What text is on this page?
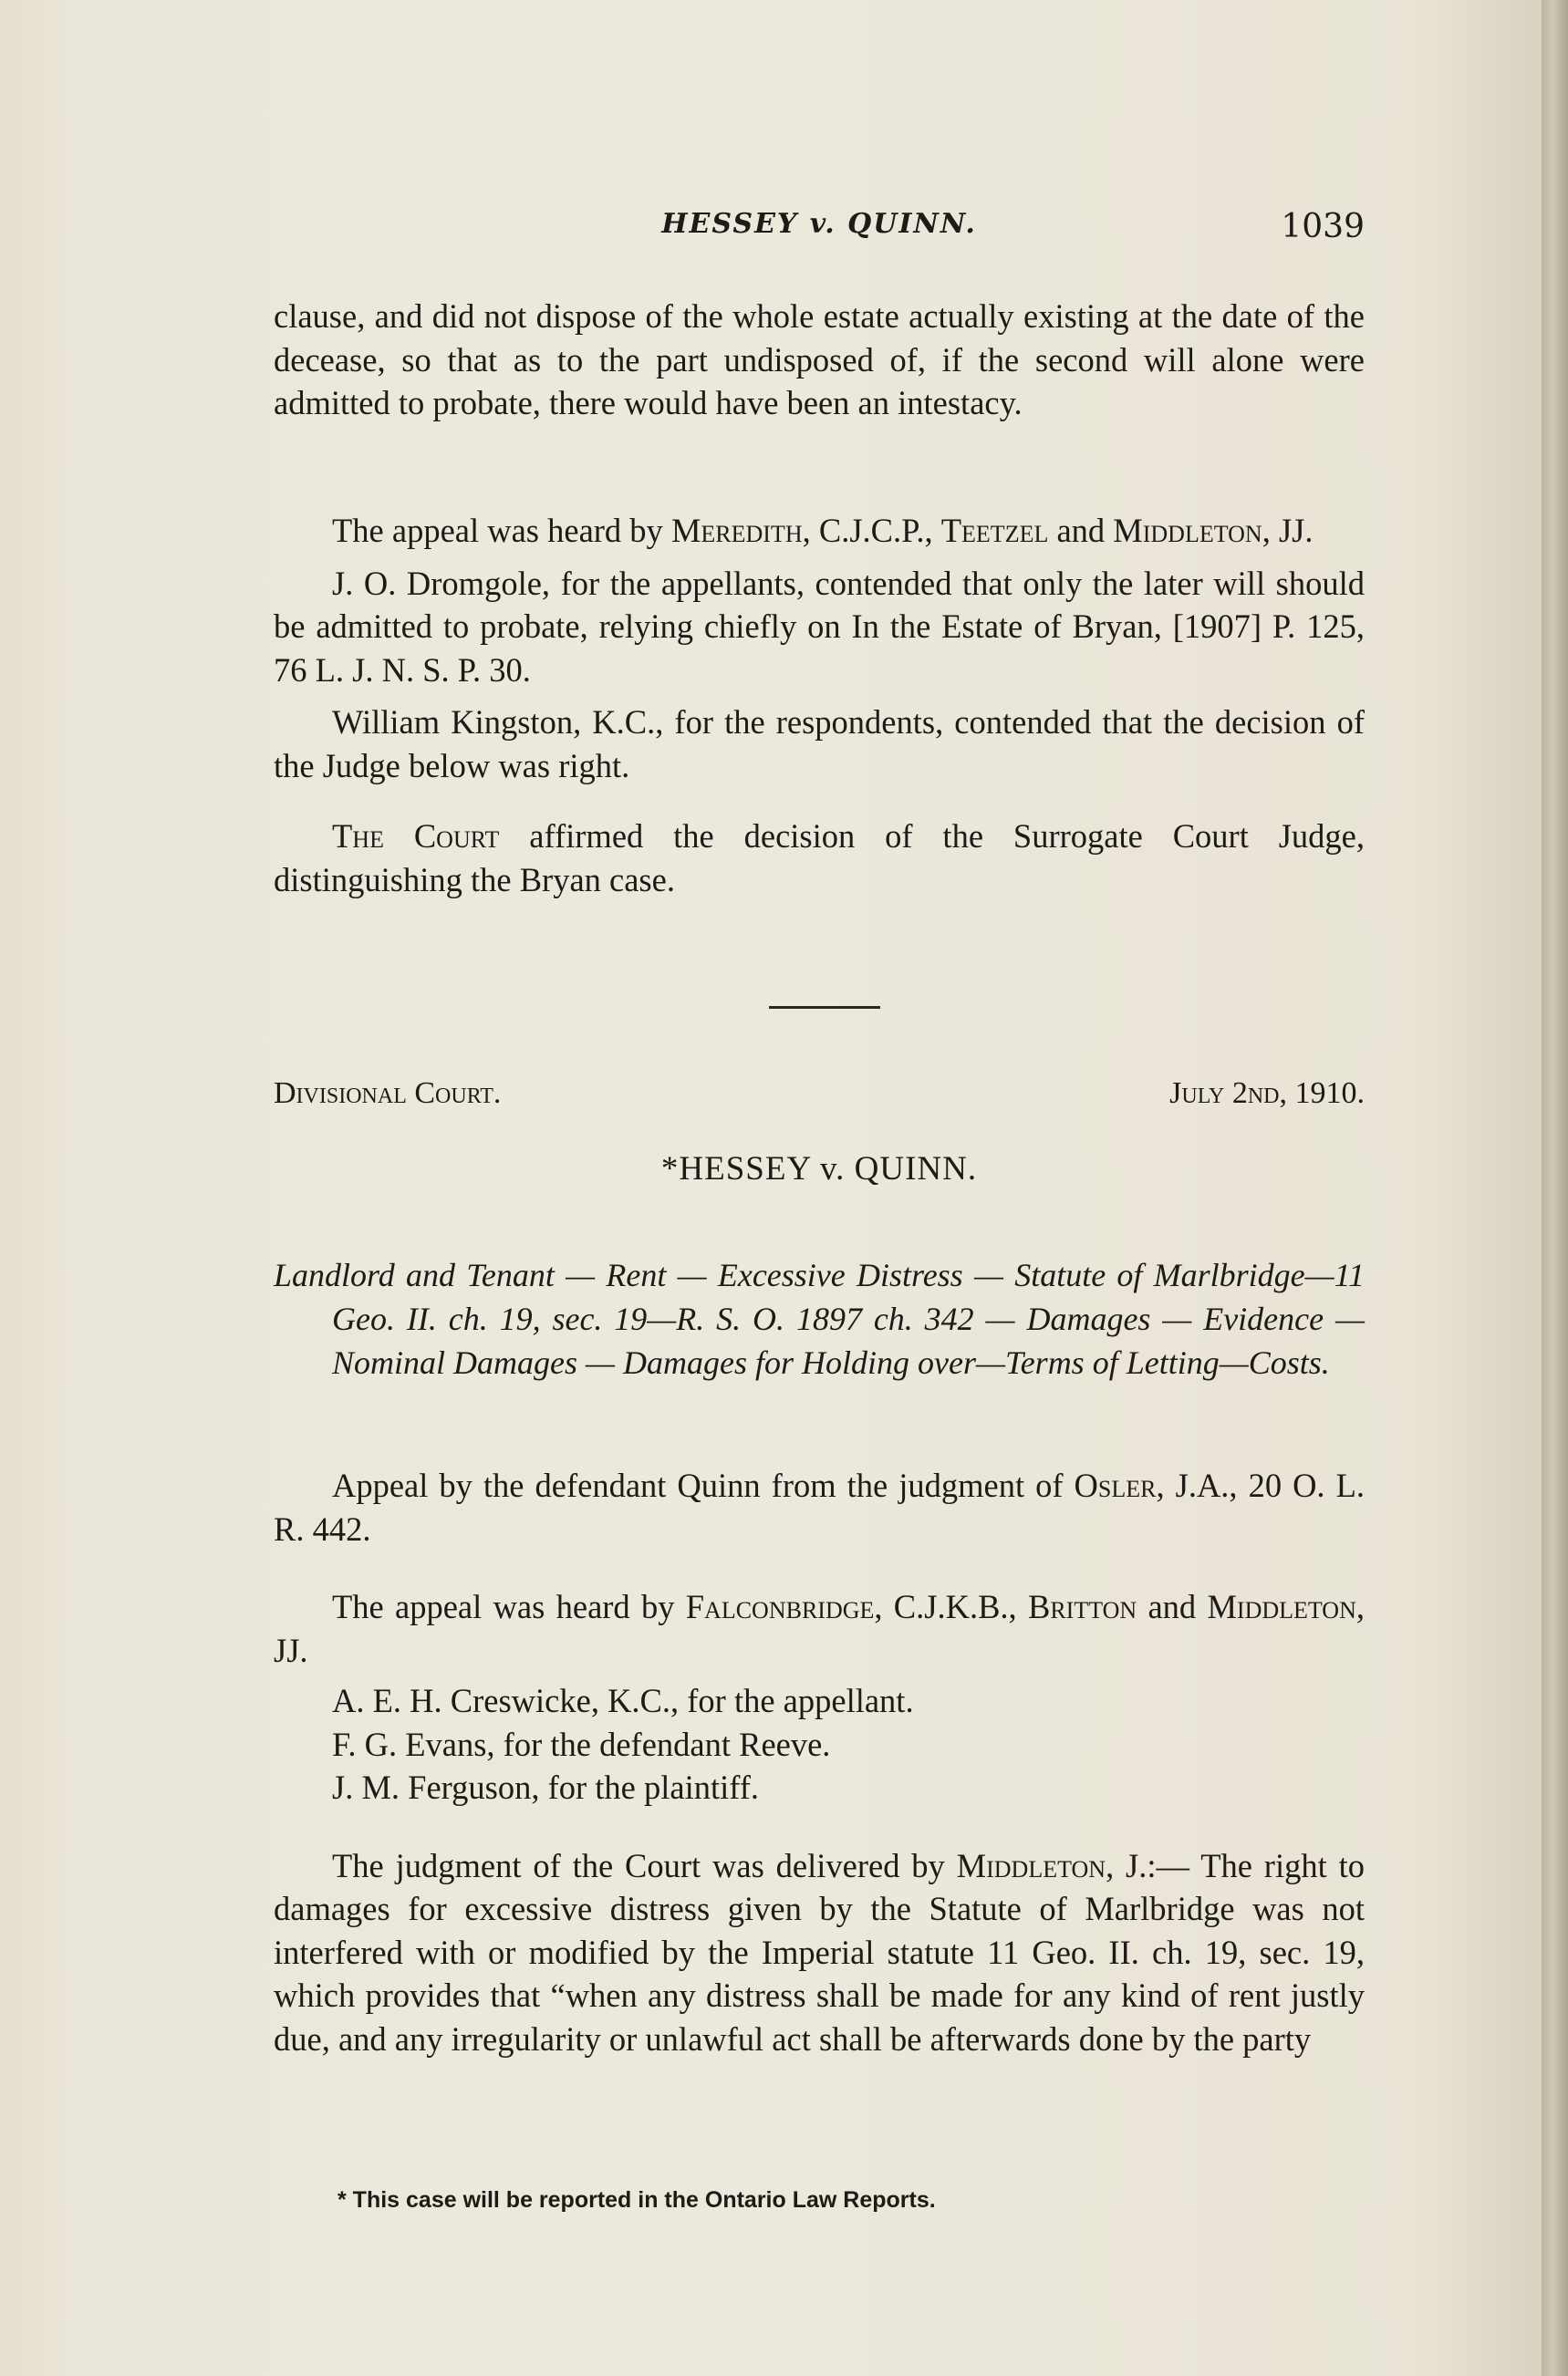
HESSEY v. QUINN.	1039

clause, and did not dispose of the whole estate actually existing at the date of the decease, so that as to the part undisposed of, if the second will alone were admitted to probate, there would have been an intestacy.

The appeal was heard by Meredith, C.J.C.P., Teetzel and Middleton, JJ.

J. O. Dromgole, for the appellants, contended that only the later will should be admitted to probate, relying chiefly on In the Estate of Bryan, [1907] P. 125, 76 L. J. N. S. P. 30.

William Kingston, K.C., for the respondents, contended that the decision of the Judge below was right.

The Court affirmed the decision of the Surrogate Court Judge, distinguishing the Bryan case.

Divisional Court.	July 2nd, 1910.
*HESSEY v. QUINN.

Landlord and Tenant — Rent — Excessive Distress — Statute of Marlbridge—11 Geo. II. ch. 19, sec. 19—R. S. O. 1897 ch. 342 — Damages — Evidence — Nominal Damages — Damages for Holding over—Terms of Letting—Costs.

Appeal by the defendant Quinn from the judgment of Osler, J.A., 20 O. L. R. 442.

The appeal was heard by Falconbridge, C.J.K.B., Britton and Middleton, JJ.

A. E. H. Creswicke, K.C., for the appellant.

F. G. Evans, for the defendant Reeve.

J. M. Ferguson, for the plaintiff.

The judgment of the Court was delivered by Middleton, J.:— The right to damages for excessive distress given by the Statute of Marlbridge was not interfered with or modified by the Imperial statute 11 Geo. II. ch. 19, sec. 19, which provides that “when any distress shall be made for any kind of rent justly due, and any irregularity or unlawful act shall be afterwards done by the party

* This case will be reported in the Ontario Law Reports.
